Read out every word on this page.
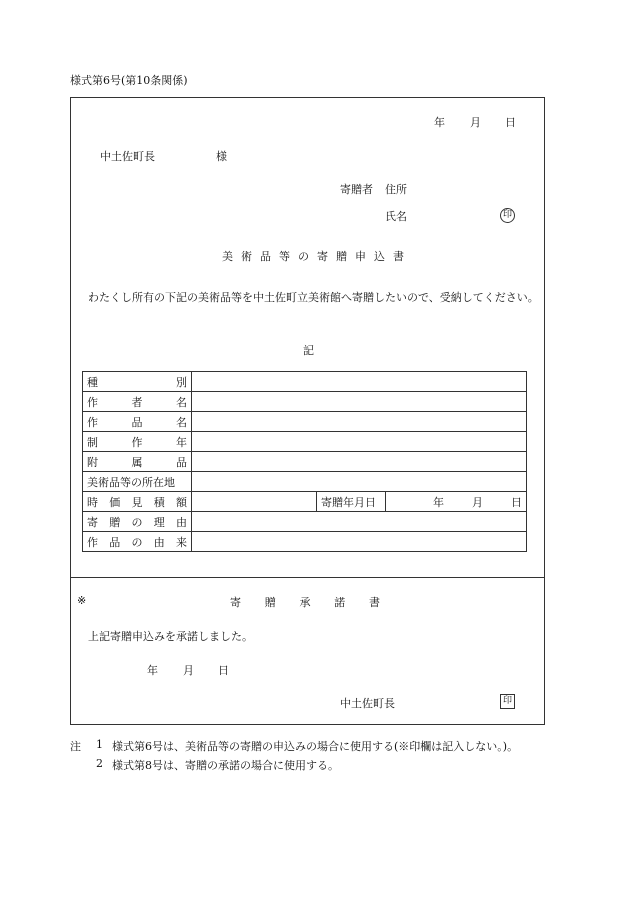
様式第6号(第10条関係)
年 月 日
中土佐町長	様
寄贈者 住所
氏名	印
美術品等の寄贈申込書
わたくし所有の下記の美術品等を中土佐町立美術館へ寄贈したいので、受納してください。
記
種 別			

作 者 名			

作 品 名			

制 作 年			

附 属 品			

美術品等の所在地			

時 価 見 積 額		寄贈年月日	年 月 日

寄 贈 の 理 由			

作 品 の 由 来			

※	寄 贈 承 諾 書
上記寄贈申込みを承諾しました。
年 月 日
中土佐町長	印
注 1 様式第6号は、美術品等の寄贈の申込みの場合に使用する(※印欄は記入しない。)。
2 様式第8号は、寄贈の承諾の場合に使用する。
